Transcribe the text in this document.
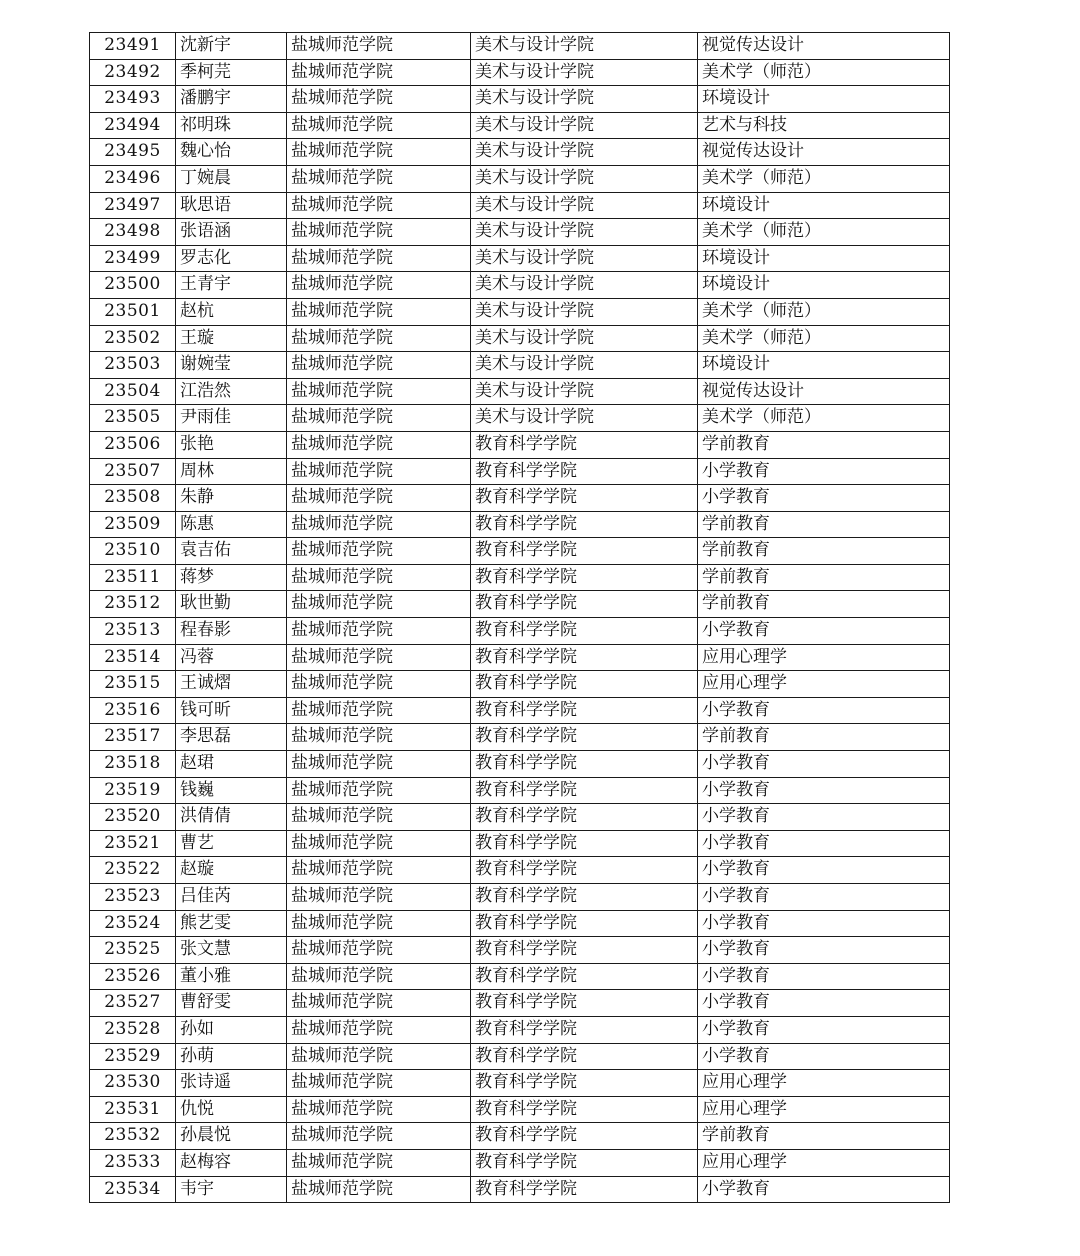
23491	沈新宇	盐城师范学院	美术与设计学院	视觉传达设计
23492	季柯芫	盐城师范学院	美术与设计学院	美术学（师范）
23493	潘鹏宇	盐城师范学院	美术与设计学院	环境设计
23494	祁明珠	盐城师范学院	美术与设计学院	艺术与科技
23495	魏心怡	盐城师范学院	美术与设计学院	视觉传达设计
23496	丁婉晨	盐城师范学院	美术与设计学院	美术学（师范）
23497	耿思语	盐城师范学院	美术与设计学院	环境设计
23498	张语涵	盐城师范学院	美术与设计学院	美术学（师范）
23499	罗志化	盐城师范学院	美术与设计学院	环境设计
23500	王青宇	盐城师范学院	美术与设计学院	环境设计
23501	赵杭	盐城师范学院	美术与设计学院	美术学（师范）
23502	王璇	盐城师范学院	美术与设计学院	美术学（师范）
23503	谢婉莹	盐城师范学院	美术与设计学院	环境设计
23504	江浩然	盐城师范学院	美术与设计学院	视觉传达设计
23505	尹雨佳	盐城师范学院	美术与设计学院	美术学（师范）
23506	张艳	盐城师范学院	教育科学学院	学前教育
23507	周林	盐城师范学院	教育科学学院	小学教育
23508	朱静	盐城师范学院	教育科学学院	小学教育
23509	陈惠	盐城师范学院	教育科学学院	学前教育
23510	袁吉佑	盐城师范学院	教育科学学院	学前教育
23511	蒋梦	盐城师范学院	教育科学学院	学前教育
23512	耿世勤	盐城师范学院	教育科学学院	学前教育
23513	程春影	盐城师范学院	教育科学学院	小学教育
23514	冯蓉	盐城师范学院	教育科学学院	应用心理学
23515	王诚熠	盐城师范学院	教育科学学院	应用心理学
23516	钱可昕	盐城师范学院	教育科学学院	小学教育
23517	李思磊	盐城师范学院	教育科学学院	学前教育
23518	赵珺	盐城师范学院	教育科学学院	小学教育
23519	钱巍	盐城师范学院	教育科学学院	小学教育
23520	洪倩倩	盐城师范学院	教育科学学院	小学教育
23521	曹艺	盐城师范学院	教育科学学院	小学教育
23522	赵璇	盐城师范学院	教育科学学院	小学教育
23523	吕佳芮	盐城师范学院	教育科学学院	小学教育
23524	熊艺雯	盐城师范学院	教育科学学院	小学教育
23525	张文慧	盐城师范学院	教育科学学院	小学教育
23526	董小雅	盐城师范学院	教育科学学院	小学教育
23527	曹舒雯	盐城师范学院	教育科学学院	小学教育
23528	孙如	盐城师范学院	教育科学学院	小学教育
23529	孙萌	盐城师范学院	教育科学学院	小学教育
23530	张诗遥	盐城师范学院	教育科学学院	应用心理学
23531	仇悦	盐城师范学院	教育科学学院	应用心理学
23532	孙晨悦	盐城师范学院	教育科学学院	学前教育
23533	赵梅容	盐城师范学院	教育科学学院	应用心理学
23534	韦宇	盐城师范学院	教育科学学院	小学教育
